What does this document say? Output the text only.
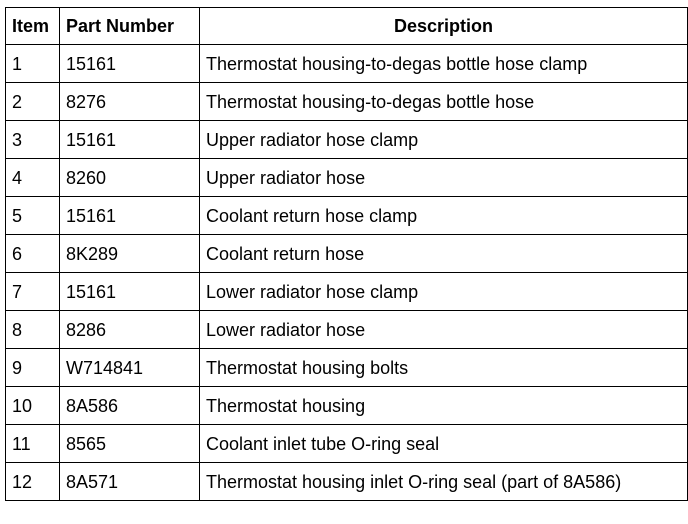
Item	Part Number	Description
1	15161	Thermostat housing-to-degas bottle hose clamp
2	8276	Thermostat housing-to-degas bottle hose
3	15161	Upper radiator hose clamp
4	8260	Upper radiator hose
5	15161	Coolant return hose clamp
6	8K289	Coolant return hose
7	15161	Lower radiator hose clamp
8	8286	Lower radiator hose
9	W714841	Thermostat housing bolts
10	8A586	Thermostat housing
11	8565	Coolant inlet tube O-ring seal
12	8A571	Thermostat housing inlet O-ring seal (part of 8A586)
